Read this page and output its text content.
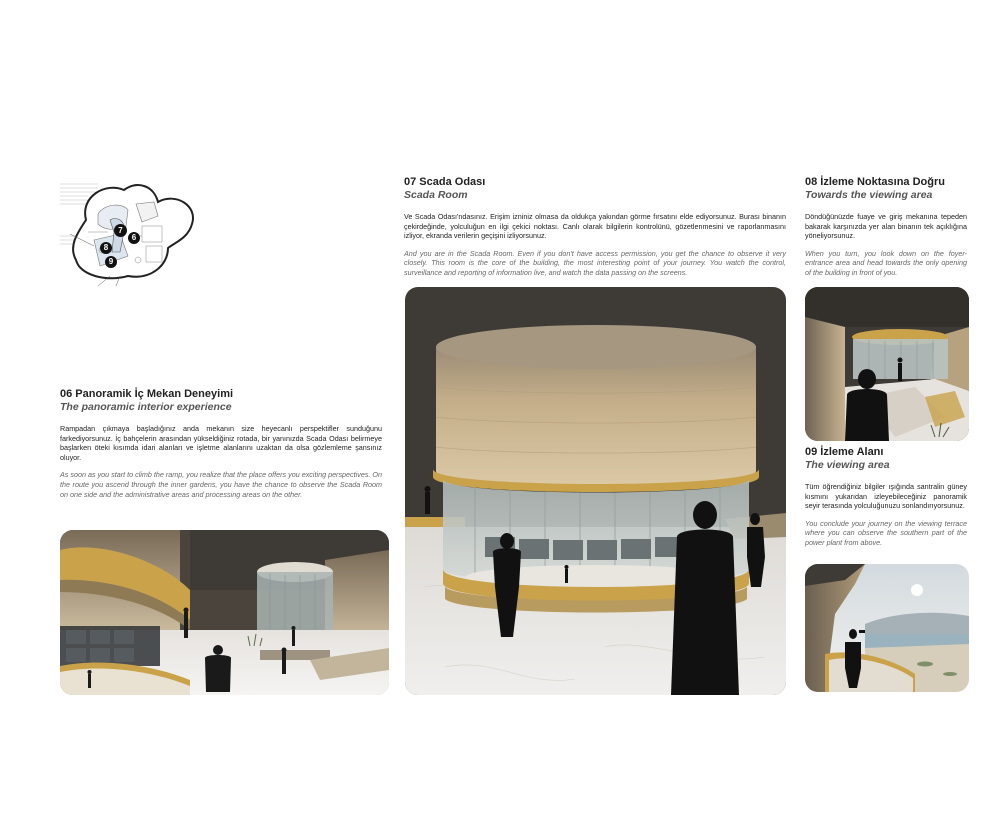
7
6
8
9

06 Panoramik İç Mekan Deneyimi

The panoramic interior experience

Rampadan çıkmaya başladığınız anda mekanın size heyecanlı perspektifler sunduğunu farkediyorsunuz. İç bahçelerin arasından yükseldiğiniz rotada, bir yanınızda Scada Odası belirmeye başlarken öteki kısımda idari alanları ve işletme alanlarını uzaktan da olsa gözlemleme şansınız oluyor.

As soon as you start to climb the ramp, you realize that the place offers you exciting perspectives. On the route you ascend through the inner gardens, you have the chance to observe the Scada Room on one side and the administrative areas and processing areas on the other.

07 Scada Odası

Scada Room

Ve Scada Odası'ndasınız. Erişim izniniz olmasa da oldukça yakından görme fırsatını elde ediyorsunuz. Burası binanın çekirdeğinde, yolculuğun en ilgi çekici noktası. Canlı olarak bilgilerin kontrolünü, gözetlenmesini ve raporlanmasını izliyor, ekranda verilerin geçişini izliyorsunuz.

And you are in the Scada Room. Even if you don't have access permission, you get the chance to observe it very closely. This room is the core of the building, the most interesting point of your journey. You watch the control, surveillance and reporting of information live, and watch the data passing on the screens.

08 İzleme Noktasına Doğru

Towards the viewing area

Döndüğünüzde fuaye ve giriş mekanına tepeden bakarak karşınızda yer alan binanın tek açıklığına yöneliyorsunuz.

When you turn, you look down on the foyer-entrance area and head towards the only opening of the building in front of you.

09 İzleme Alanı

The viewing area

Tüm öğrendiğiniz bilgiler ışığında santralin güney kısmını yukarıdan izleyebileceğiniz panoramik seyir terasında yolculuğunuzu sonlandırıyorsunuz.

You conclude your journey on the viewing terrace where you can observe the southern part of the power plant from above.
